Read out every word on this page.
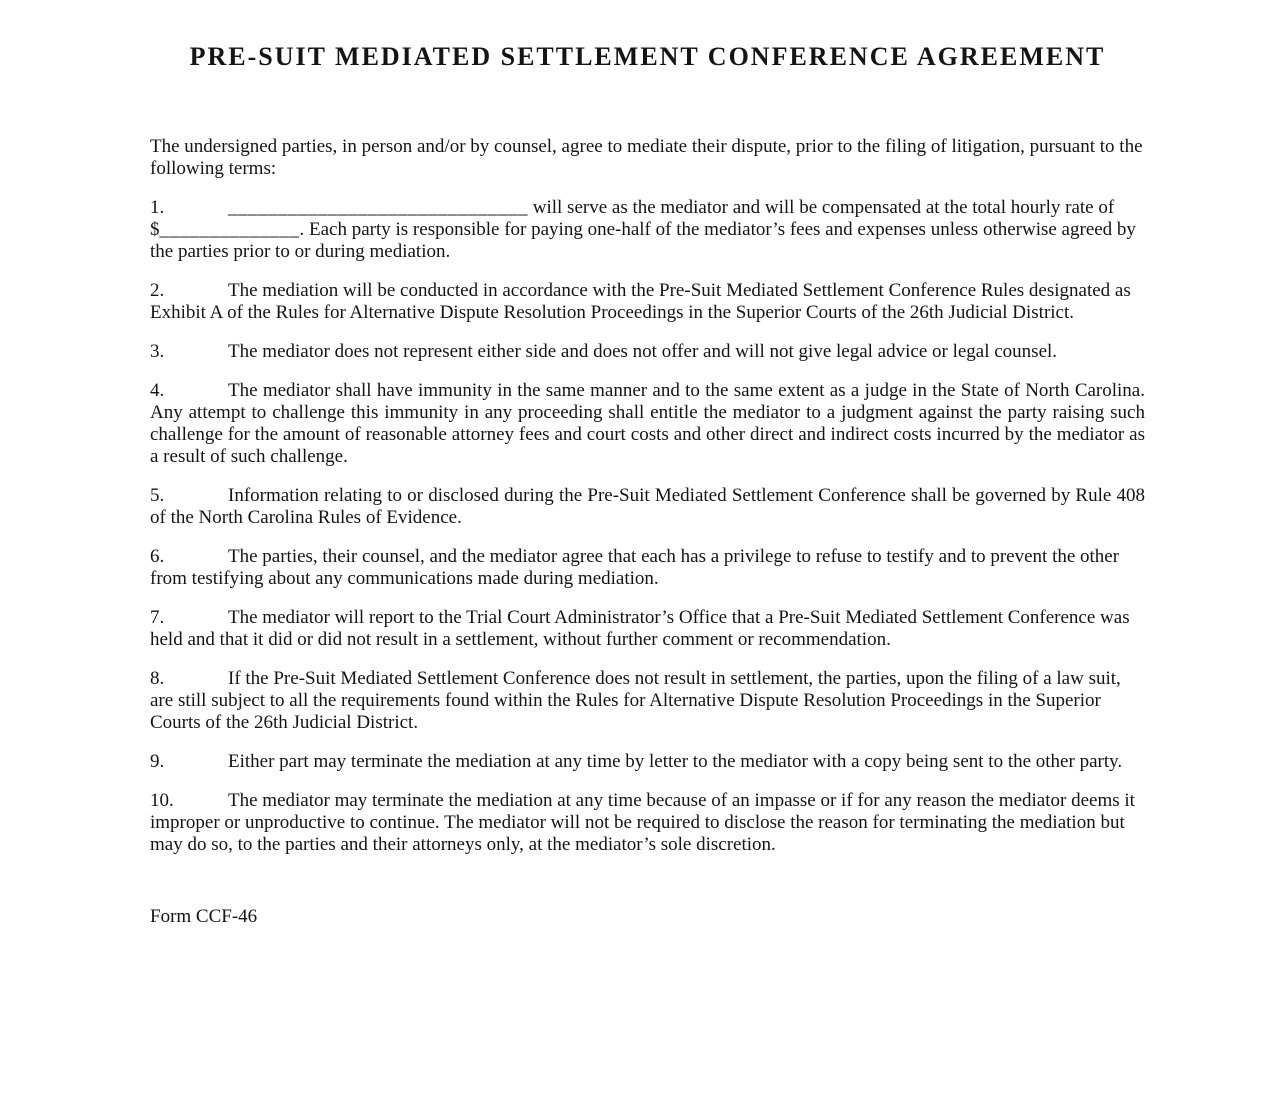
PRE-SUIT MEDIATED SETTLEMENT CONFERENCE AGREEMENT

The undersigned parties, in person and/or by counsel, agree to mediate their dispute, prior to the filing of litigation, pursuant to the following terms:

1.	______________________________ will serve as the mediator and will be compensated at the total hourly rate of $______________. Each party is responsible for paying one-half of the mediator’s fees and expenses unless otherwise agreed by the parties prior to or during mediation.

2.	The mediation will be conducted in accordance with the Pre-Suit Mediated Settlement Conference Rules designated as Exhibit A of the Rules for Alternative Dispute Resolution Proceedings in the Superior Courts of the 26th Judicial District.

3.	The mediator does not represent either side and does not offer and will not give legal advice or legal counsel.

4.	The mediator shall have immunity in the same manner and to the same extent as a judge in the State of North Carolina. Any attempt to challenge this immunity in any proceeding shall entitle the mediator to a judgment against the party raising such challenge for the amount of reasonable attorney fees and court costs and other direct and indirect costs incurred by the mediator as a result of such challenge.

5.	Information relating to or disclosed during the Pre-Suit Mediated Settlement Conference shall be governed by Rule 408 of the North Carolina Rules of Evidence.

6.	The parties, their counsel, and the mediator agree that each has a privilege to refuse to testify and to prevent the other from testifying about any communications made during mediation.

7.	The mediator will report to the Trial Court Administrator’s Office that a Pre-Suit Mediated Settlement Conference was held and that it did or did not result in a settlement, without further comment or recommendation.

8.	If the Pre-Suit Mediated Settlement Conference does not result in settlement, the parties, upon the filing of a law suit, are still subject to all the requirements found within the Rules for Alternative Dispute Resolution Proceedings in the Superior Courts of the 26th Judicial District.

9.	Either part may terminate the mediation at any time by letter to the mediator with a copy being sent to the other party.

10.	The mediator may terminate the mediation at any time because of an impasse or if for any reason the mediator deems it improper or unproductive to continue. The mediator will not be required to disclose the reason for terminating the mediation but may do so, to the parties and their attorneys only, at the mediator’s sole discretion.

Form CCF-46
